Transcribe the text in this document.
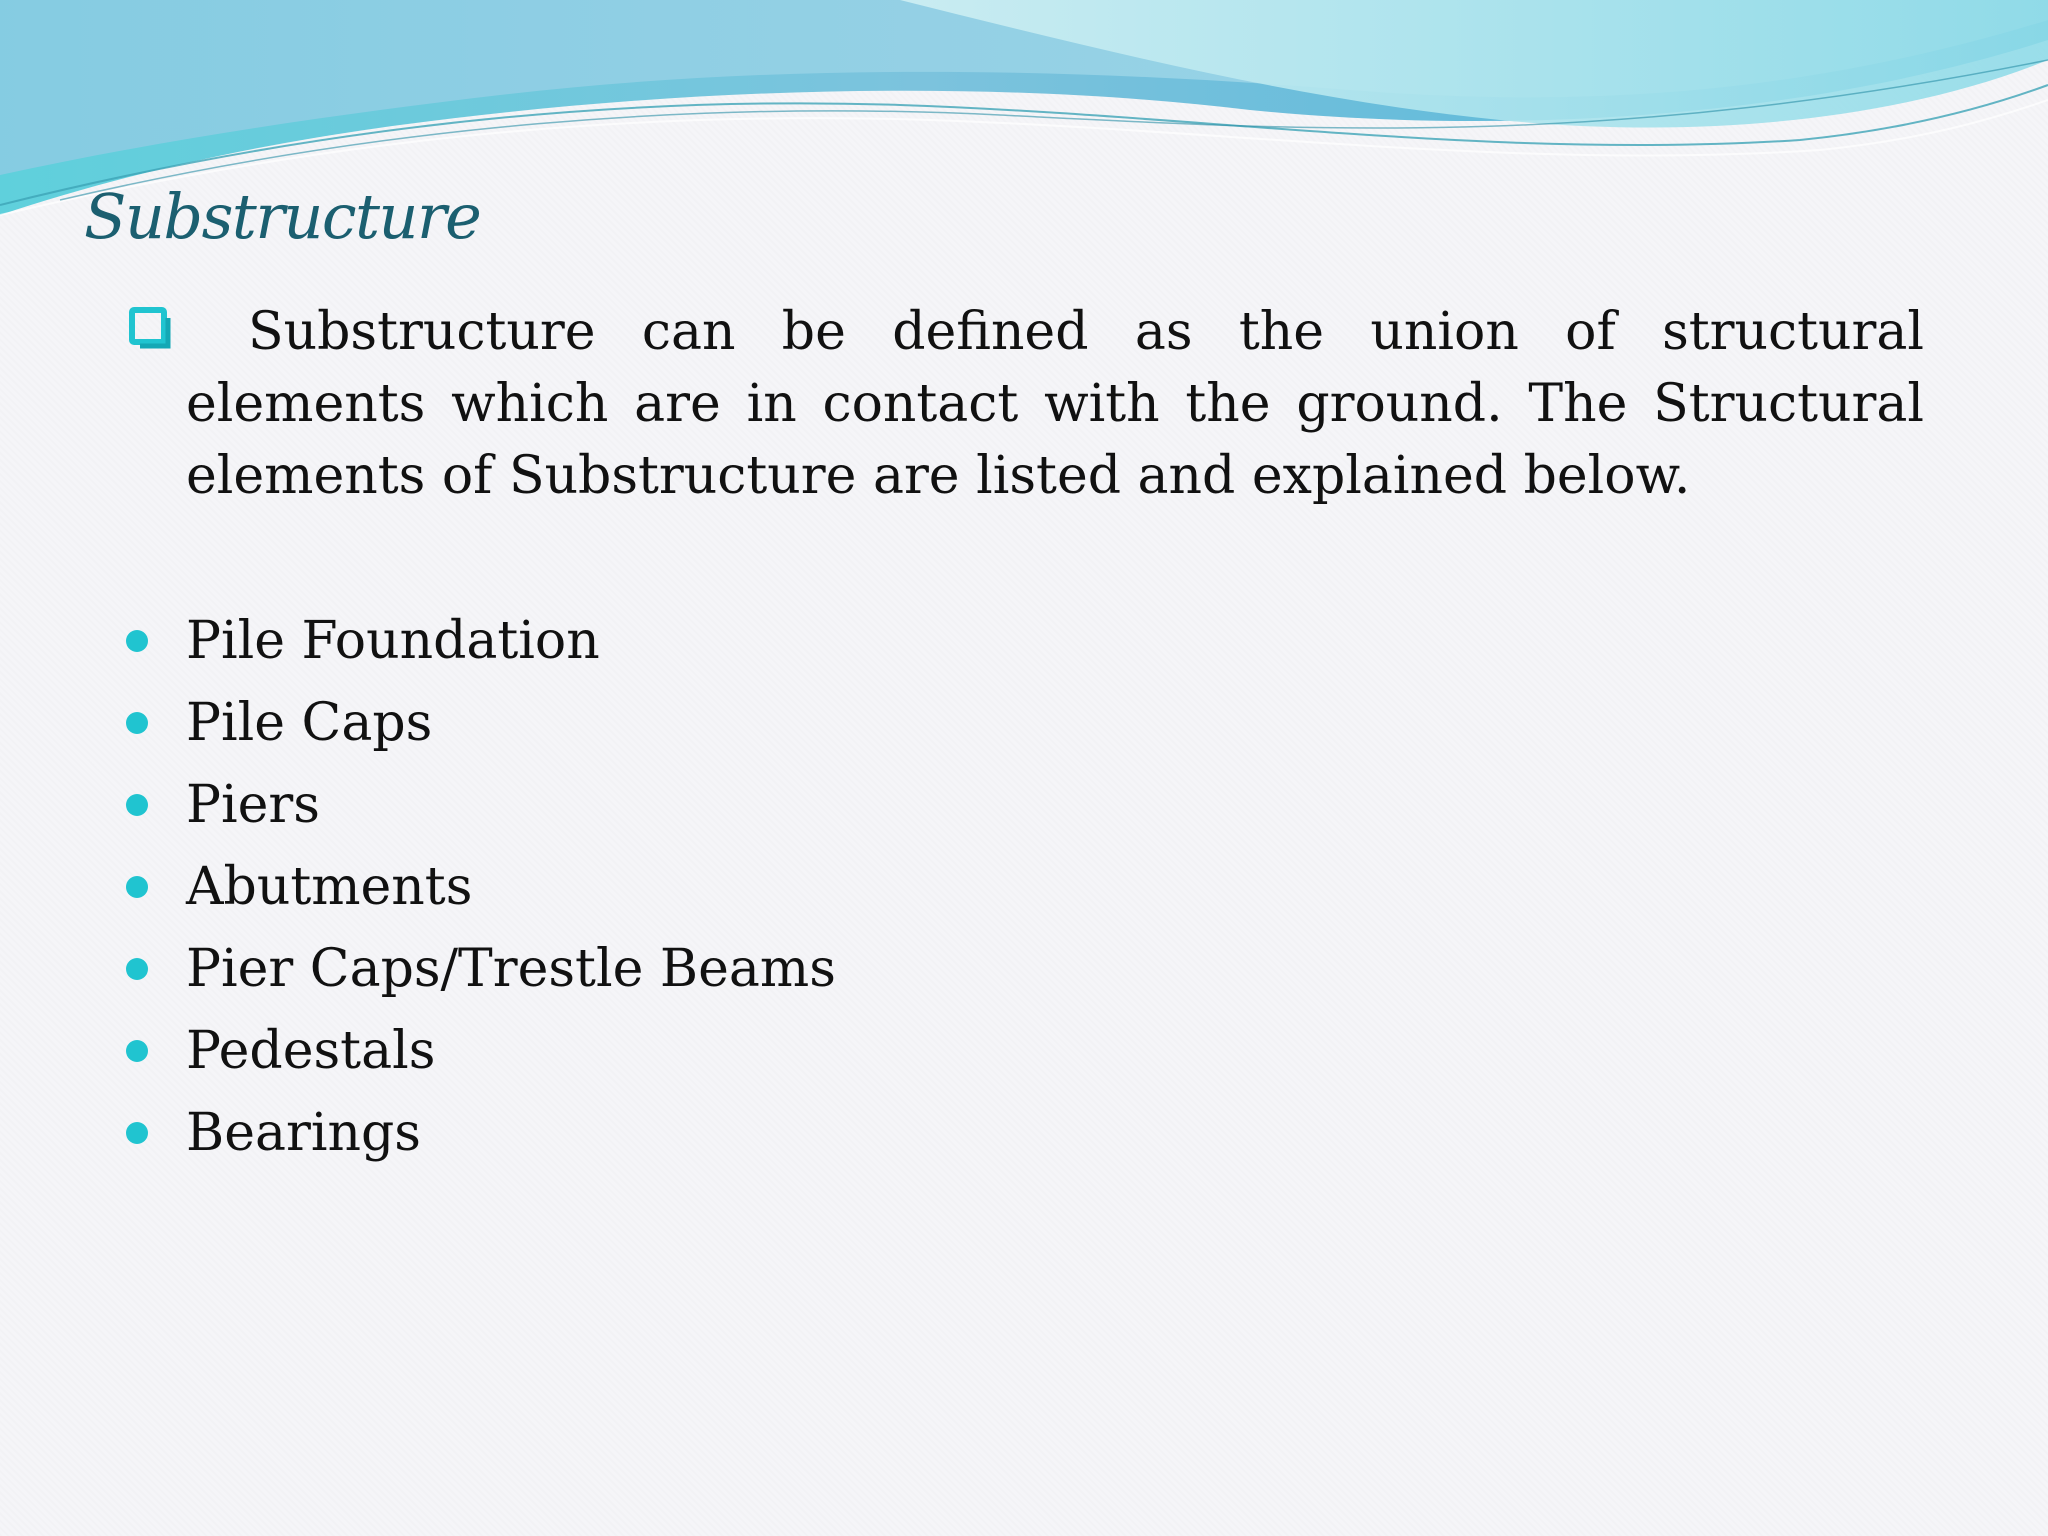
Substructure

Substructure can be defined as the union of structural elements which are in contact with the ground. The Structural elements of Substructure are listed and explained below.

Pile Foundation
Pile Caps
Piers
Abutments
Pier Caps/Trestle Beams
Pedestals
Bearings
